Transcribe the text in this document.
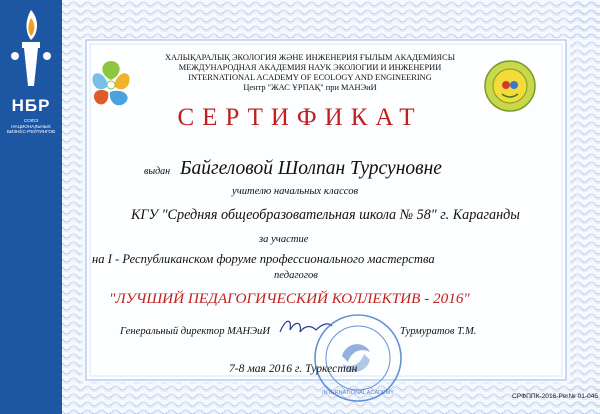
НБР
СОЮЗ
НАЦИОНАЛЬНЫХ
БИЗНЕС-РЕЙТИНГОВ
ХАЛЫҚАРАЛЫҚ ЭКОЛОГИЯ ЖӘНЕ ИНЖЕНЕРИЯ ҒЫЛЫМ АКАДЕМИЯСЫ
МЕЖДУНАРОДНАЯ АКАДЕМИЯ НАУК ЭКОЛОГИИ И ИНЖЕНЕРИИ
INTERNATIONAL ACADEMY OF ECOLOGY AND ENGINEERING
Центр "ЖАС ҰРПАҚ" при МАНЭиИ
СЕРТИФИКАТ
выдан Байгеловой Шолпан Турсуновне
учителю начальных классов
КГУ "Средняя общеобразовательная школа № 58" г. Караганды
за участие
на І - Республиканском форуме профессионального мастерства
педагогов
"ЛУЧШИЙ ПЕДАГОГИЧЕСКИЙ КОЛЛЕКТИВ - 2016"
Генеральный директор МАНЭиИ	Турмуратов Т.М.
INTERNATIONAL ACADEMY
7-8 мая 2016 г. Туркестан
СРФППК-2016-Рег№ 01-045
